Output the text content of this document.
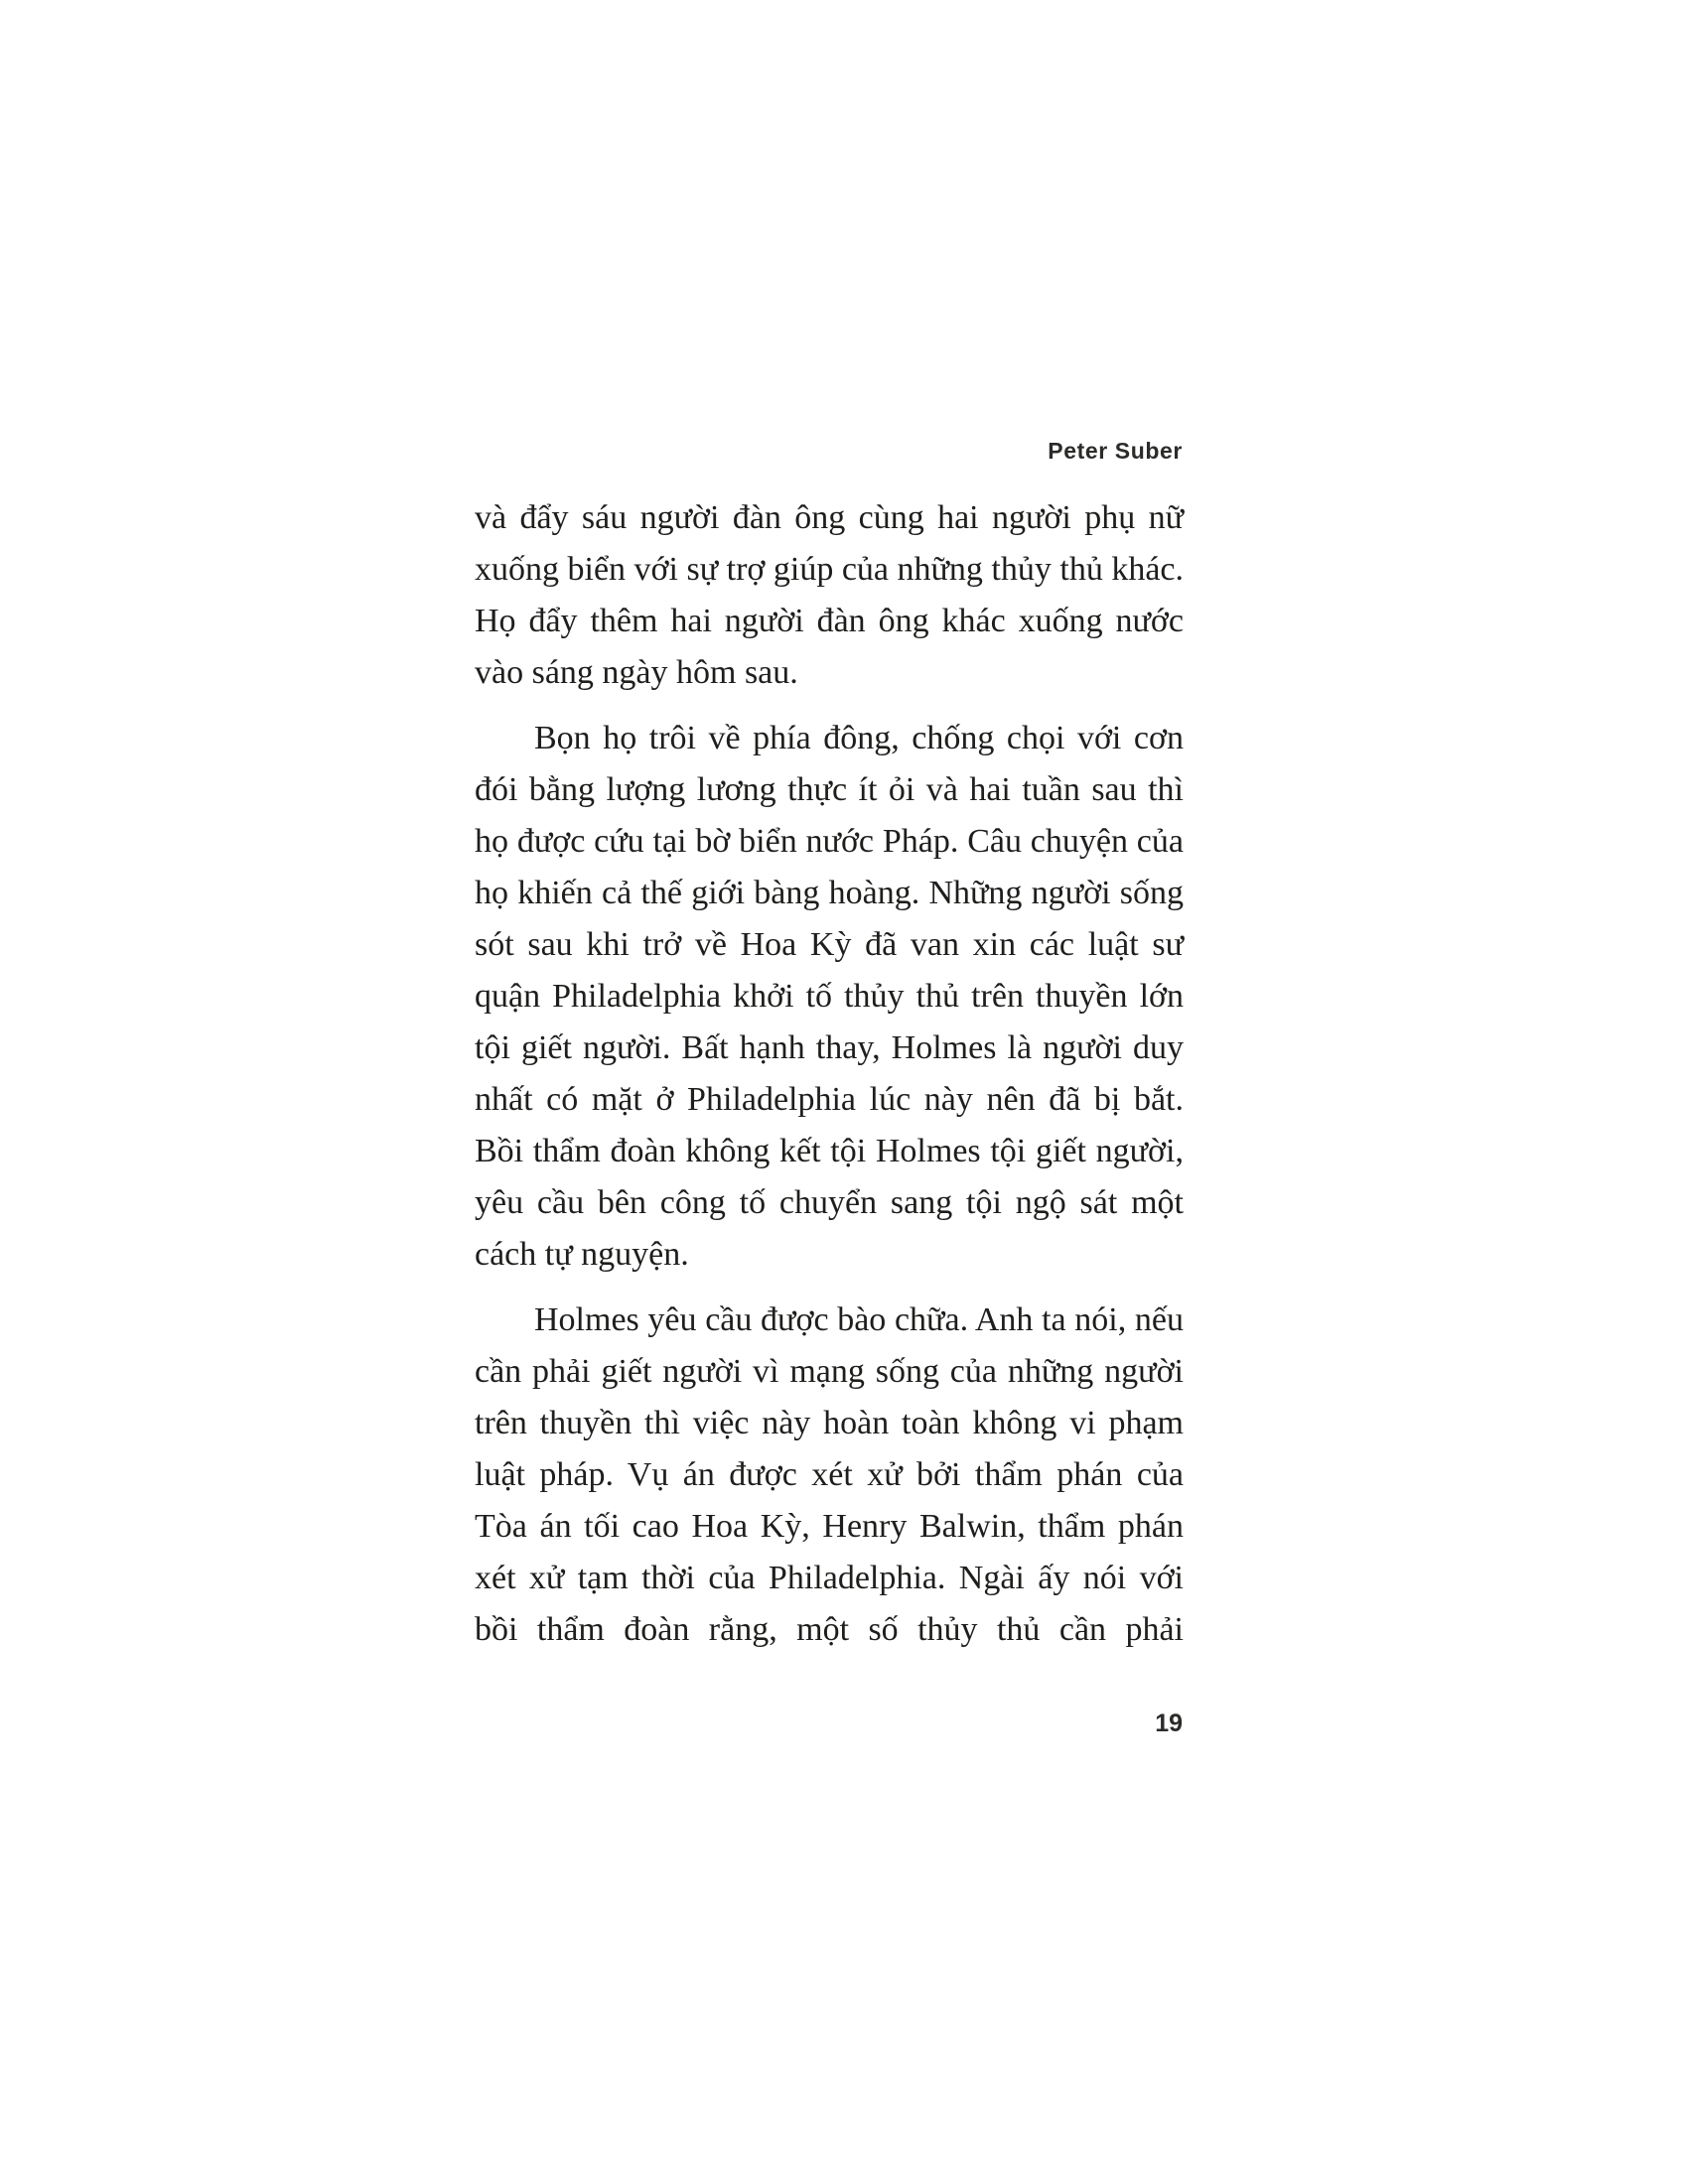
Peter Suber

và đẩy sáu người đàn ông cùng hai người phụ nữ xuống biển với sự trợ giúp của những thủy thủ khác. Họ đẩy thêm hai người đàn ông khác xuống nước vào sáng ngày hôm sau.

Bọn họ trôi về phía đông, chống chọi với cơn đói bằng lượng lương thực ít ỏi và hai tuần sau thì họ được cứu tại bờ biển nước Pháp. Câu chuyện của họ khiến cả thế giới bàng hoàng. Những người sống sót sau khi trở về Hoa Kỳ đã van xin các luật sư quận Philadelphia khởi tố thủy thủ trên thuyền lớn tội giết người. Bất hạnh thay, Holmes là người duy nhất có mặt ở Philadelphia lúc này nên đã bị bắt. Bồi thẩm đoàn không kết tội Holmes tội giết người, yêu cầu bên công tố chuyển sang tội ngộ sát một cách tự nguyện.

Holmes yêu cầu được bào chữa. Anh ta nói, nếu cần phải giết người vì mạng sống của những người trên thuyền thì việc này hoàn toàn không vi phạm luật pháp. Vụ án được xét xử bởi thẩm phán của Tòa án tối cao Hoa Kỳ, Henry Balwin, thẩm phán xét xử tạm thời của Philadelphia. Ngài ấy nói với bồi thẩm đoàn rằng, một số thủy thủ cần phải

19
